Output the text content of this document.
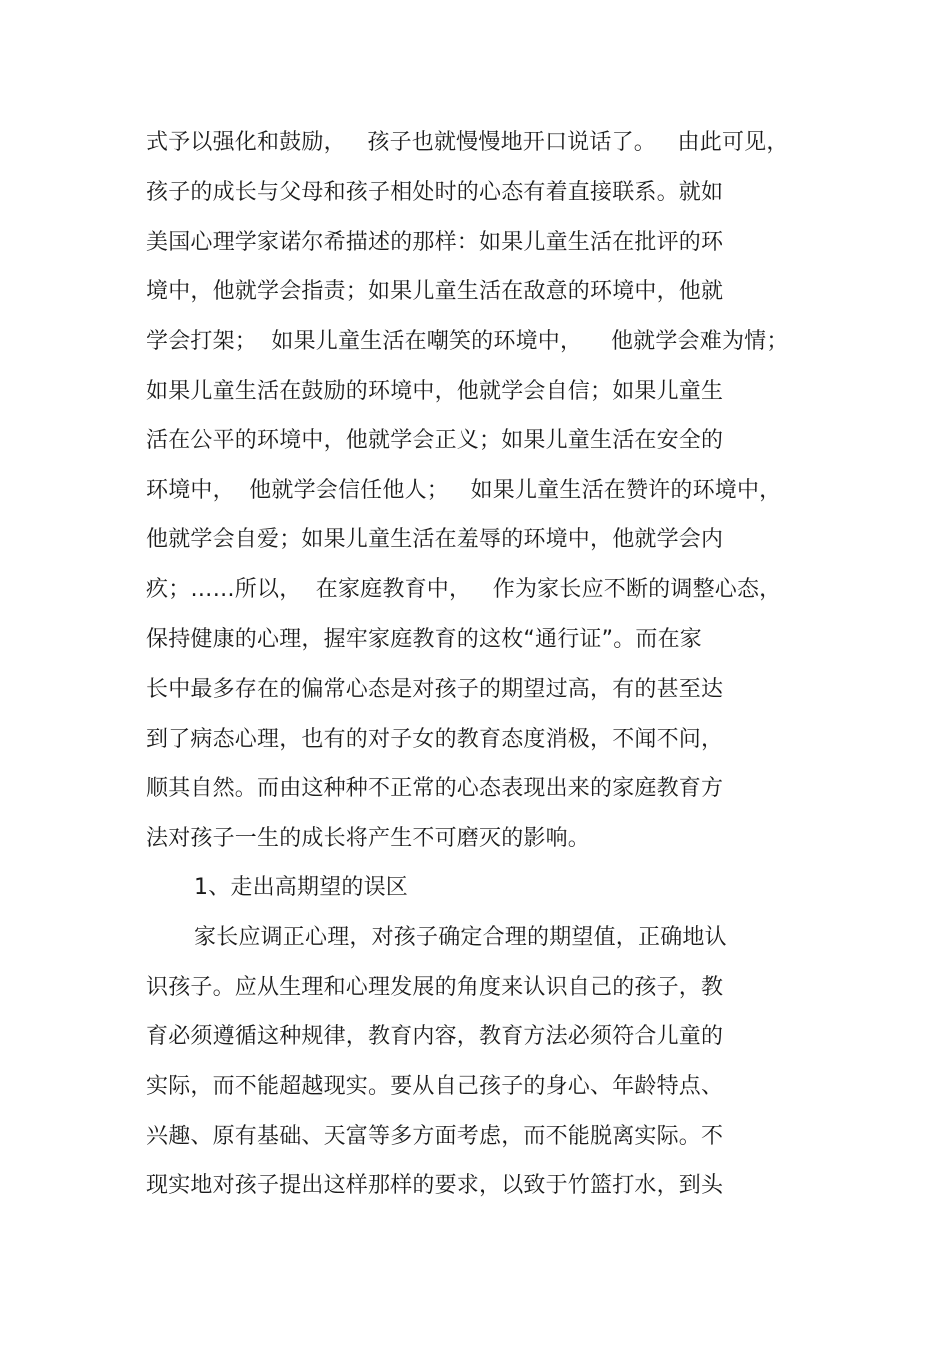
式予以强化和鼓励，   孩子也就慢慢地开口说话了。   由此可见，
孩子的成长与父母和孩子相处时的心态有着直接联系。就如
美国心理学家诺尔希描述的那样：如果儿童生活在批评的环
境中，他就学会指责；如果儿童生活在敌意的环境中，他就
学会打架；  如果儿童生活在嘲笑的环境中，    他就学会难为情；
如果儿童生活在鼓励的环境中，他就学会自信；如果儿童生
活在公平的环境中，他就学会正义；如果儿童生活在安全的
环境中，  他就学会信任他人；   如果儿童生活在赞许的环境中，
他就学会自爱；如果儿童生活在羞辱的环境中，他就学会内
疚；……所以，  在家庭教育中，   作为家长应不断的调整心态，
保持健康的心理，握牢家庭教育的这枚“通行证”。而在家
长中最多存在的偏常心态是对孩子的期望过高，有的甚至达
到了病态心理，也有的对子女的教育态度消极，不闻不问，
顺其自然。而由这种种不正常的心态表现出来的家庭教育方
法对孩子一生的成长将产生不可磨灭的影响。
1、走出高期望的误区
家长应调正心理，对孩子确定合理的期望值，正确地认
识孩子。应从生理和心理发展的角度来认识自己的孩子，教
育必须遵循这种规律，教育内容，教育方法必须符合儿童的
实际，而不能超越现实。要从自己孩子的身心、年龄特点、
兴趣、原有基础、天富等多方面考虑，而不能脱离实际。不
现实地对孩子提出这样那样的要求，以致于竹篮打水，到头
